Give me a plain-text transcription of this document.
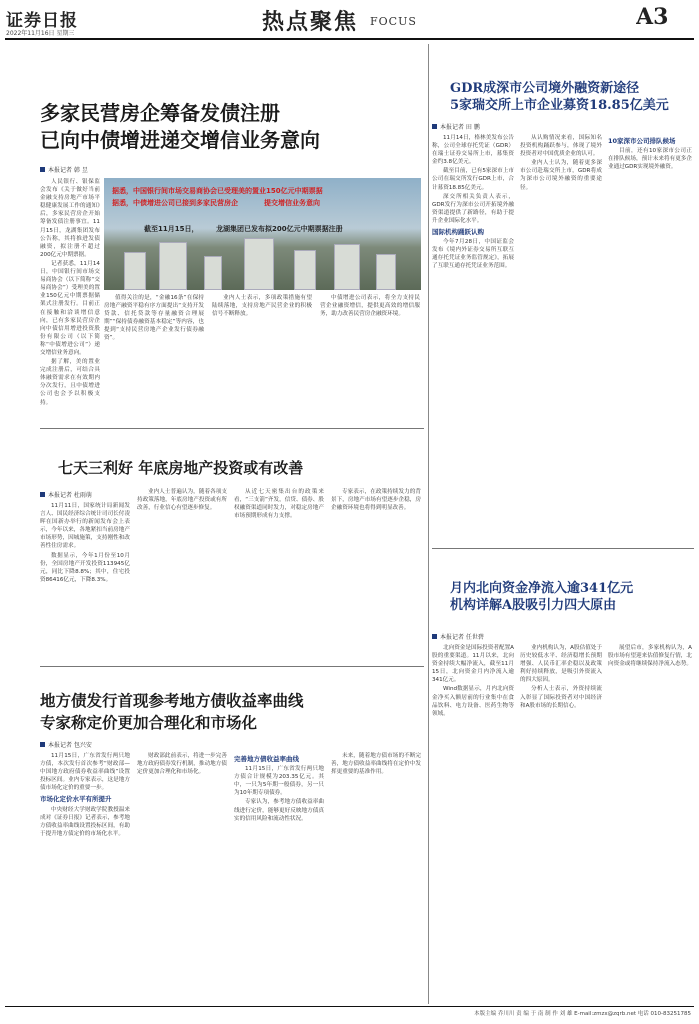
证券日报
2022年11月16日 星期三	热点聚焦 FOCUS	A3
多家民营房企筹备发债注册
已向中债增进递交增信业务意向
本报记者 韩 昱

人民银行、银保监会发布《关于做好当前金融支持房地产市场平稳健康发展工作的通知》后，多家民营房企开始筹备发债注册事宜。11月15日，龙湖集团发布公告称，其将推进发债融资，拟注册不超过200亿元中期票据。

记者获悉，11月14日，中国银行间市场交易商协会（以下简称“交易商协会”）受理美的置业150亿元中期票据储架式注册发行。目前正在接触和洽谈增信意向，已有多家民营房企向中债信用增进投资股份有限公司（以下简称“中债增进公司”）递交增信业务意向。

据了解，美的置业完成注册后，可结合具体融资需求在有效期内分次发行，且中债增进公司也会予以积极支持。

据悉，中国银行间市场交易商协会已受理美的置业150亿元中期票据
据悉，中债增进公司已接到多家民营房企	提交增信业务意向
截至11月15日，	龙湖集团已发布拟200亿元中期票据注册

值得关注的是，“金融16条”在保持房地产融资平稳有序方面提出“支持开发贷款、信托贷款等存量融资合理展期”“保持债券融资基本稳定”等内容，也提到“支持民营房地产企业发行债券融资”。

业内人士表示，多项政策措施有望陆续落地，支持房地产民营企业的积极信号不断释放。

中债增进公司表示，将全力支持民营企业融资增信，提供更高效的增信服务，助力改善民营房企融资环境。

七天三利好 年底房地产投资或有改善
本报记者 杜雨萌

11月11日，国家统计局新闻发言人、国民经济综合统计司司长付凌晖在国新办举行的新闻发布会上表示，今年以来，各地紧扣当前房地产市场形势，因城施策，支持刚性和改善性住房需求。

数据显示，今年1月份至10月份，全国房地产开发投资113945亿元，同比下降8.8%；其中，住宅投资86416亿元，下降8.3%。

业内人士普遍认为，随着各项支持政策落地，年底房地产投资或有所改善，行业信心有望逐步修复。

从近七天密集出台的政策来看，“三支箭”齐发，信贷、债券、股权融资渠道同时发力，对稳定房地产市场预期形成有力支撑。

专家表示，在政策持续发力的背景下，房地产市场有望逐步企稳，房企融资环境也将得到明显改善。

地方债发行首现参考地方债收益率曲线
专家称定价更加合理化和市场化
本报记者 包兴安

11月15日，广东省发行两只地方债，本次发行首次参考“财政部—中国地方政府债券收益率曲线”设置投标区间。业内专家表示，这是地方债市场化定价的重要一步。

市场化定价水平有所提升

中央财经大学财政学院教授温来成对《证券日报》记者表示，参考地方债收益率曲线设置投标区间，有助于提升地方债定价的市场化水平。

财政部此前表示，将进一步完善地方政府债券发行机制，推动地方债定价更加合理化和市场化。

完善地方债收益率曲线

11月15日，广东省发行两只地方债合计规模为203.35亿元。其中，一只为5年期一般债券，另一只为10年期专项债券。

专家认为，参考地方债收益率曲线进行定价，能够更好反映地方债真实的信用风险和流动性状况。

未来，随着地方债市场的不断完善，地方债收益率曲线将在定价中发挥更重要的基准作用。

GDR成深市公司境外融资新途径
5家瑞交所上市企业募资18.85亿美元
本报记者 田 鹏

11月14日，格林美发布公告称，公司全球存托凭证（GDR）在瑞士证券交易所上市，募集资金约3.8亿美元。

截至目前，已有5家深市上市公司在瑞交所发行GDR上市，合计募资18.85亿美元。

深交所相关负责人表示，GDR发行为深市公司开拓境外融资渠道提供了新路径，有助于提升企业国际化水平。

国际机构踊跃认购

今年7月28日，中国证监会发布《境内外证券交易所互联互通存托凭证业务监管规定》，拓展了互联互通存托凭证业务范围。

从认购情况来看，国际知名投资机构踊跃参与，体现了境外投资者对中国优质企业的认可。

业内人士认为，随着更多深市公司赴瑞交所上市，GDR将成为深市公司境外融资的重要途径。

10家深市公司排队候场

目前，还有10家深市公司正在排队候场，预计未来将有更多企业通过GDR实现境外融资。

月内北向资金净流入逾341亿元
机构详解A股吸引力四大原由
本报记者 任世碧

北向资金是国际投资者配置A股的重要渠道。11月以来，北向资金持续大幅净流入，截至11月15日，北向资金月内净流入逾341亿元。

Wind数据显示，月内北向资金净买入额居前的行业集中在食品饮料、电力设备、医药生物等领域。

业内机构认为，A股估值处于历史较低水平、经济稳增长预期增强、人民币汇率企稳以及政策利好持续释放，是吸引外资流入的四大原因。

分析人士表示，外资持续流入彰显了国际投资者对中国经济和A股市场的长期信心。

展望后市，多家机构认为，A股市场有望迎来估值修复行情，北向资金或将继续保持净流入态势。

本版主编 乔川川 责 编 于 南 制 作 刘 雄 E-mail:zmzx@zqrb.net 电话 010-83251785
